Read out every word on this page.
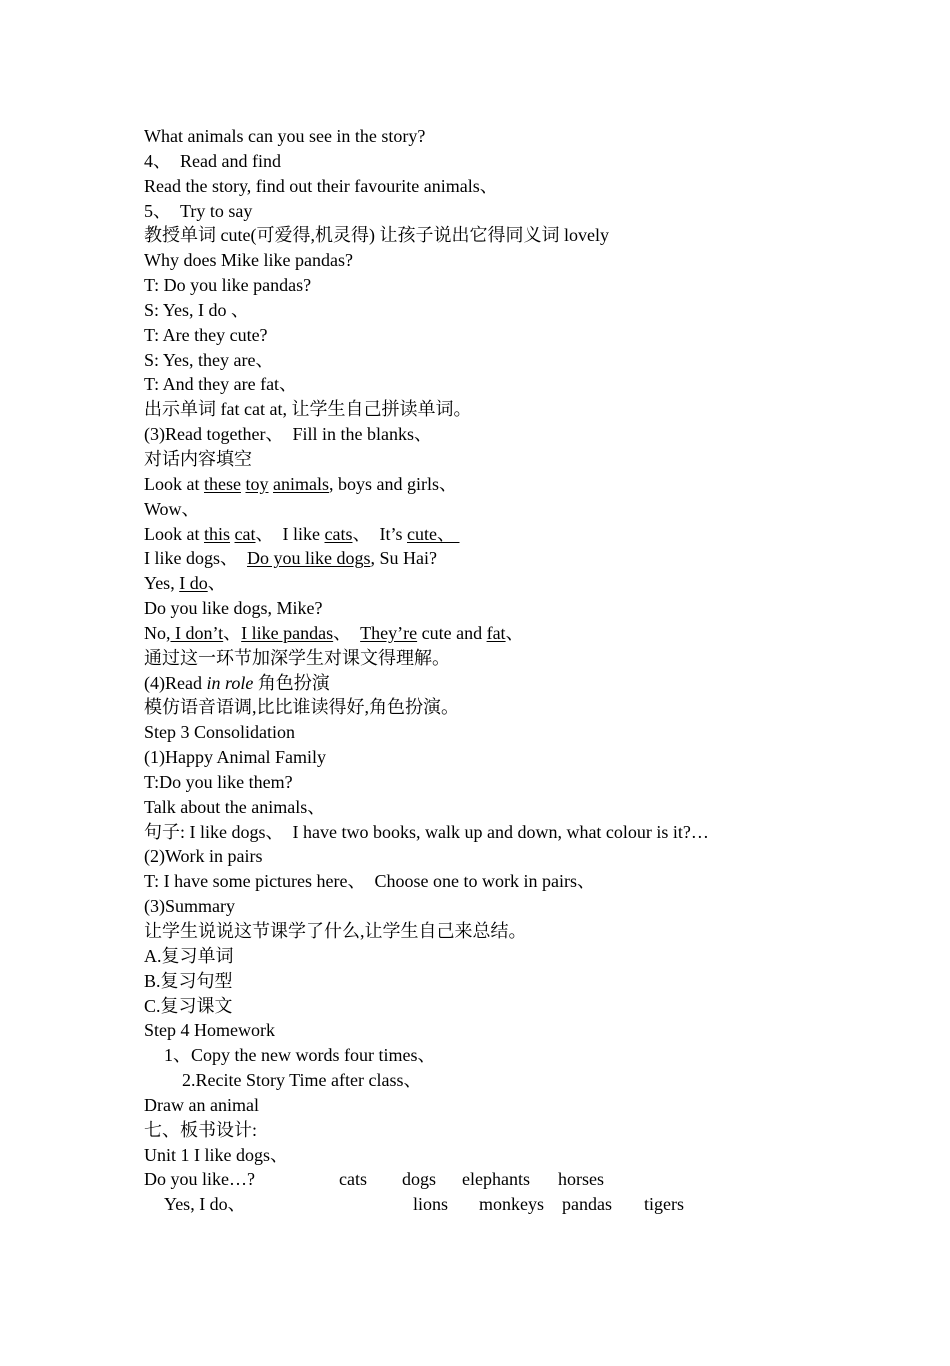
What animals can you see in the story?
4、  Read and find
Read the story, find out their favourite animals、
5、  Try to say
教授单词 cute(可爱得,机灵得) 让孩子说出它得同义词 lovely
Why does Mike like pandas?
T: Do you like pandas?
S: Yes, I do 、
T: Are they cute?
S: Yes, they are、
T: And they are fat、
出示单词 fat cat at, 让学生自己拼读单词。
(3)Read together、  Fill in the blanks、
对话内容填空
Look at these toy animals, boys and girls、
Wow、
Look at this cat、  I like cats、  It’s cute、
I like dogs、  Do you like dogs, Su Hai?
Yes, I do、
Do you like dogs, Mike?
No, I don’t、I like pandas、  They’re cute and fat、
通过这一环节加深学生对课文得理解。
(4)Read in role 角色扮演
模仿语音语调,比比谁读得好,角色扮演。
Step 3 Consolidation
(1)Happy Animal Family
T:Do you like them?
Talk about the animals、
句子: I like dogs、  I have two books, walk up and down, what colour is it?…
(2)Work in pairs
T: I have some pictures here、  Choose one to work in pairs、
(3)Summary
让学生说说这节课学了什么,让学生自己来总结。
A.复习单词
B.复习句型
C.复习课文
Step 4 Homework
1、Copy the new words four times、
2.Recite Story Time after class、
Draw an animal
七、板书设计:
Unit 1 I like dogs、

Do you like…?

	cats

dogs

elephants

horses

Yes, I do、

	lions

monkeys

pandas

tigers
